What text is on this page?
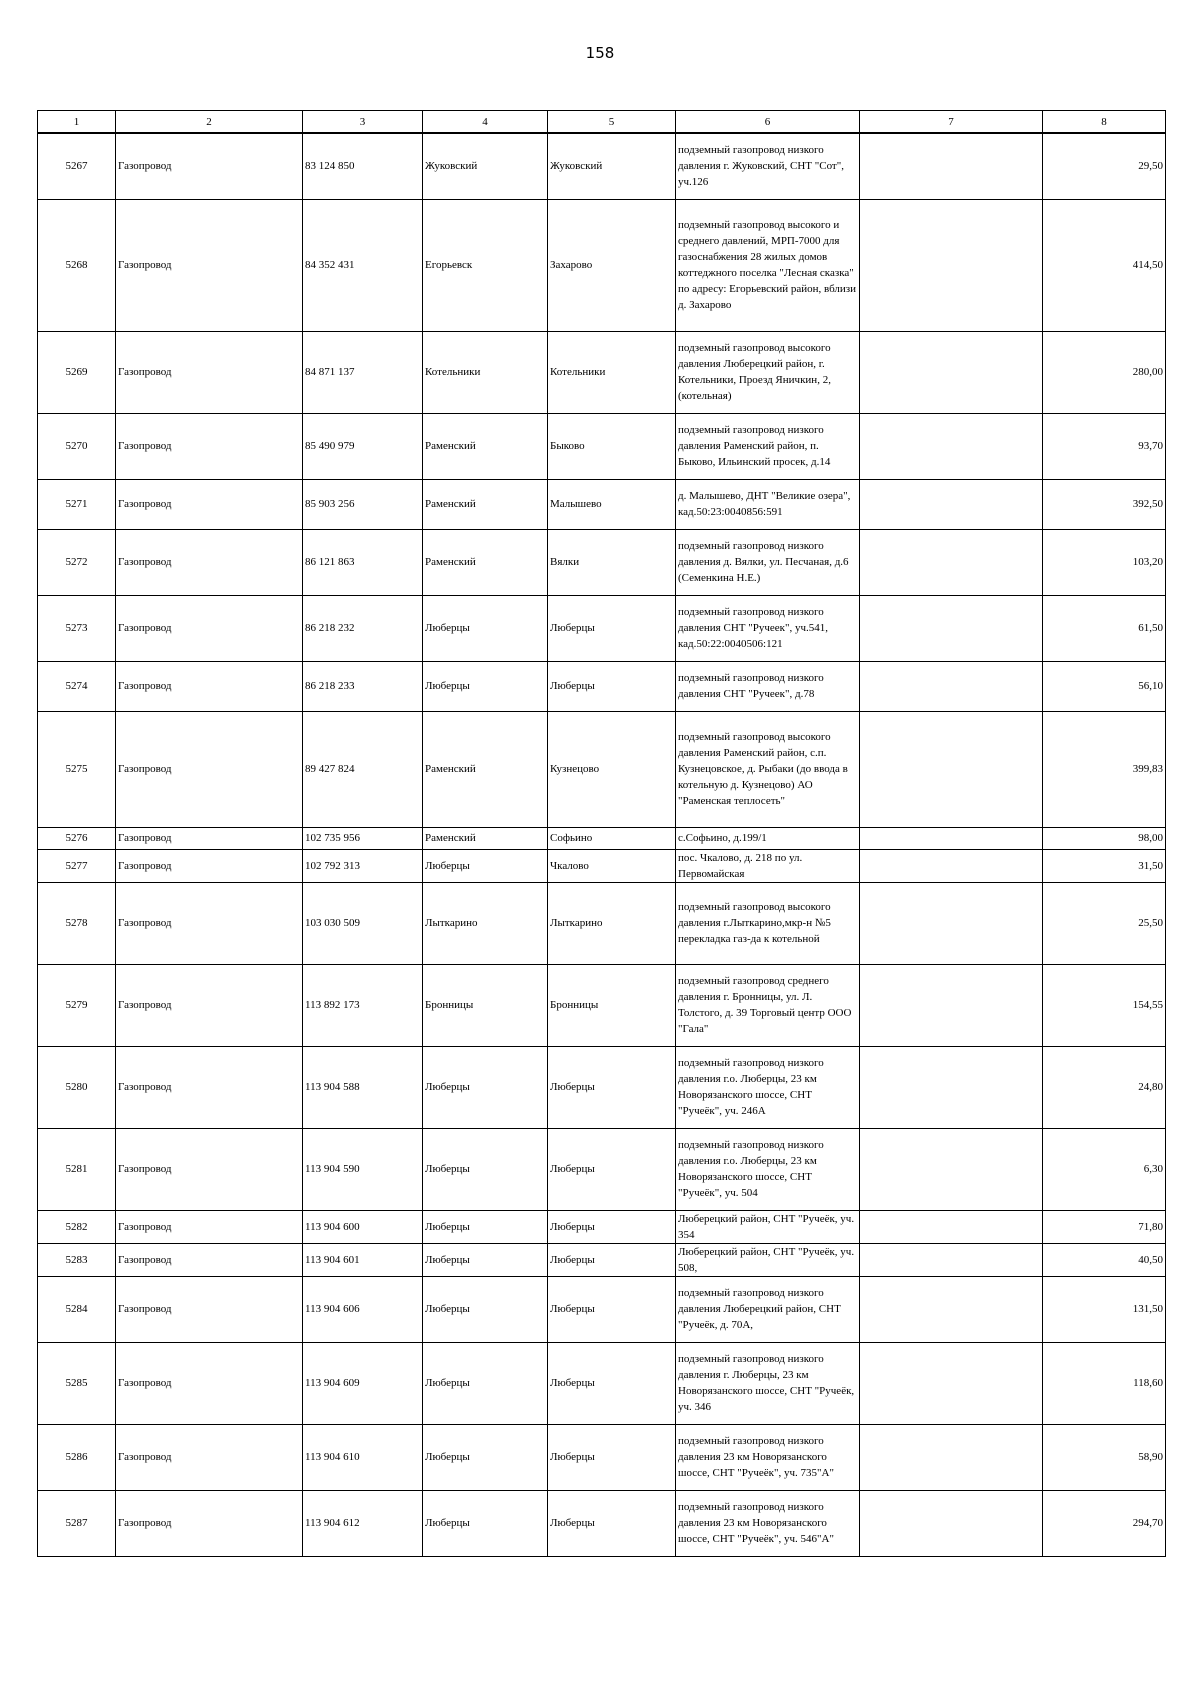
158
1	2	3	4	5	6	7	8
5267	Газопровод	83 124 850	Жуковский	Жуковский	подземный газопровод низкого давления г. Жуковский, СНТ "Сот", уч.126		29,50
5268	Газопровод	84 352 431	Егорьевск	Захарово	подземный газопровод высокого и среднего давлений, МРП-7000 для газоснабжения 28 жилых домов коттеджного поселка "Лесная сказка" по адресу: Егорьевский район, вблизи д. Захарово		414,50
5269	Газопровод	84 871 137	Котельники	Котельники	подземный газопровод высокого давления Люберецкий район, г. Котельники, Проезд Яничкин, 2,(котельная)		280,00
5270	Газопровод	85 490 979	Раменский	Быково	подземный газопровод низкого давления Раменский район, п. Быково, Ильинский просек, д.14		93,70
5271	Газопровод	85 903 256	Раменский	Малышево	д. Малышево, ДНТ "Великие озера", кад.50:23:0040856:591		392,50
5272	Газопровод	86 121 863	Раменский	Вялки	подземный газопровод низкого давления д. Вялки, ул. Песчаная, д.6 (Семенкина Н.Е.)		103,20
5273	Газопровод	86 218 232	Люберцы	Люберцы	подземный газопровод низкого давления СНТ "Ручеек", уч.541, кад.50:22:0040506:121		61,50
5274	Газопровод	86 218 233	Люберцы	Люберцы	подземный газопровод низкого давления СНТ "Ручеек", д.78		56,10
5275	Газопровод	89 427 824	Раменский	Кузнецово	подземный газопровод высокого давления Раменский район, с.п. Кузнецовское, д. Рыбаки (до ввода в котельную д. Кузнецово) АО "Раменская теплосеть"		399,83
5276	Газопровод	102 735 956	Раменский	Софьино	с.Софьино, д.199/1		98,00
5277	Газопровод	102 792 313	Люберцы	Чкалово	пос. Чкалово, д. 218 по ул. Первомайская		31,50
5278	Газопровод	103 030 509	Лыткарино	Лыткарино	подземный газопровод высокого давления г.Лыткарино,мкр-н №5 перекладка газ-да к котельной		25,50
5279	Газопровод	113 892 173	Бронницы	Бронницы	подземный газопровод среднего давления г. Бронницы, ул. Л. Толстого, д. 39 Торговый центр ООО "Гала"		154,55
5280	Газопровод	113 904 588	Люберцы	Люберцы	подземный газопровод низкого давления г.о. Люберцы, 23 км Новорязанского шоссе, СНТ "Ручеёк", уч. 246А		24,80
5281	Газопровод	113 904 590	Люберцы	Люберцы	подземный газопровод низкого давления г.о. Люберцы, 23 км Новорязанского шоссе, СНТ "Ручеёк", уч. 504		6,30
5282	Газопровод	113 904 600	Люберцы	Люберцы	Люберецкий район, СНТ "Ручеёк, уч. 354		71,80
5283	Газопровод	113 904 601	Люберцы	Люберцы	Люберецкий район, СНТ "Ручеёк, уч. 508,		40,50
5284	Газопровод	113 904 606	Люберцы	Люберцы	подземный газопровод низкого давления Люберецкий район, СНТ "Ручеёк, д. 70А,		131,50
5285	Газопровод	113 904 609	Люберцы	Люберцы	подземный газопровод низкого давления г. Люберцы, 23 км Новорязанского шоссе, СНТ "Ручеёк, уч. 346		118,60
5286	Газопровод	113 904 610	Люберцы	Люберцы	подземный газопровод низкого давления 23 км Новорязанского шоссе, СНТ "Ручеёк", уч. 735"А"		58,90
5287	Газопровод	113 904 612	Люберцы	Люберцы	подземный газопровод низкого давления 23 км Новорязанского шоссе, СНТ "Ручеёк", уч. 546"А"		294,70
